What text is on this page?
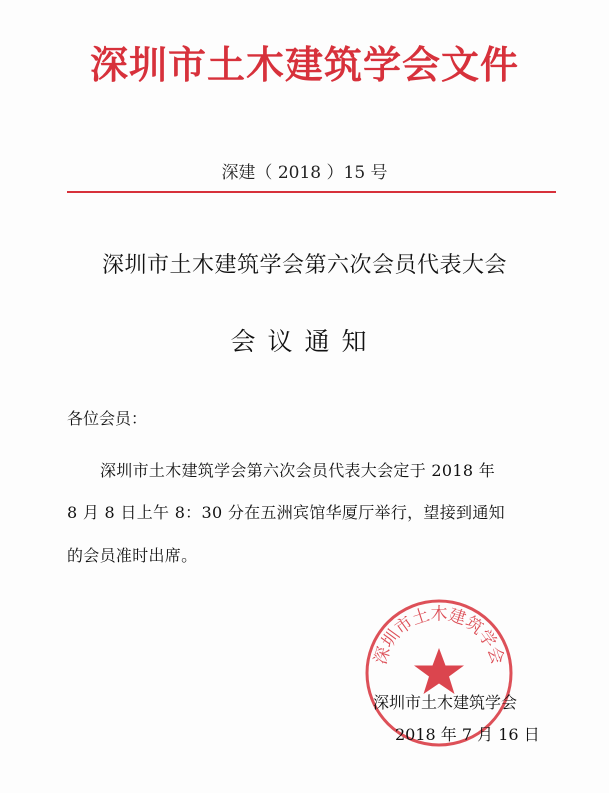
深圳市土木建筑学会文件
深建（ 2018 ）15 号
深圳市土木建筑学会第六次会员代表大会
会议通知
各位会员：
深圳市土木建筑学会第六次会员代表大会定于 2018 年
8 月 8 日上午 8：30 分在五洲宾馆华厦厅举行，望接到通知
的会员准时出席。
深圳市土木建筑学会
深圳市土木建筑学会
2018 年 7 月 16 日
